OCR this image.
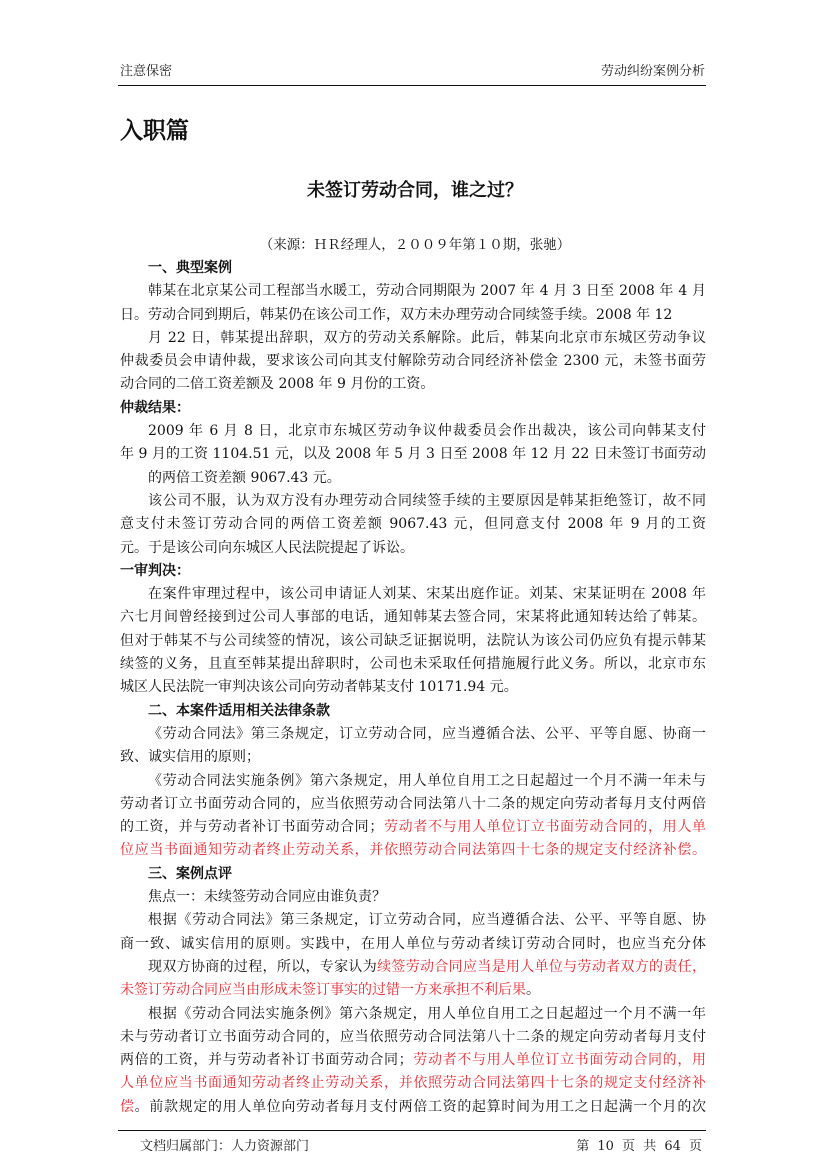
注意保密	劳动纠纷案例分析
入职篇
未签订劳动合同，谁之过？
（来源：ＨＲ经理人，２００９年第１０期，张驰）
一、典型案例
韩某在北京某公司工程部当水暖工，劳动合同期限为 2007 年 4 月 3 日至 2008 年 4 月
日。劳动合同到期后，韩某仍在该公司工作，双方未办理劳动合同续签手续。2008 年 12
月 22 日，韩某提出辞职，双方的劳动关系解除。此后，韩某向北京市东城区劳动争议
仲裁委员会申请仲裁，要求该公司向其支付解除劳动合同经济补偿金 2300 元，未签书面劳
动合同的二倍工资差额及 2008 年 9 月份的工资。
仲裁结果：
2009 年 6 月 8 日，北京市东城区劳动争议仲裁委员会作出裁决，该公司向韩某支付
年 9 月的工资 1104.51 元，以及 2008 年 5 月 3 日至 2008 年 12 月 22 日未签订书面劳动
的两倍工资差额 9067.43 元。
该公司不服，认为双方没有办理劳动合同续签手续的主要原因是韩某拒绝签订，故不同
意支付未签订劳动合同的两倍工资差额 9067.43 元，但同意支付 2008 年 9 月的工资
元。于是该公司向东城区人民法院提起了诉讼。
一审判决：
在案件审理过程中，该公司申请证人刘某、宋某出庭作证。刘某、宋某证明在 2008 年
六七月间曾经接到过公司人事部的电话，通知韩某去签合同，宋某将此通知转达给了韩某。
但对于韩某不与公司续签的情况，该公司缺乏证据说明，法院认为该公司仍应负有提示韩某
续签的义务，且直至韩某提出辞职时，公司也未采取任何措施履行此义务。所以，北京市东
城区人民法院一审判决该公司向劳动者韩某支付 10171.94 元。
二、本案件适用相关法律条款
《劳动合同法》第三条规定，订立劳动合同，应当遵循合法、公平、平等自愿、协商一
致、诚实信用的原则；
《劳动合同法实施条例》第六条规定，用人单位自用工之日起超过一个月不满一年未与
劳动者订立书面劳动合同的，应当依照劳动合同法第八十二条的规定向劳动者每月支付两倍
的工资，并与劳动者补订书面劳动合同；劳动者不与用人单位订立书面劳动合同的，用人单
位应当书面通知劳动者终止劳动关系，并依照劳动合同法第四十七条的规定支付经济补偿。
三、案例点评
焦点一：未续签劳动合同应由谁负责？
根据《劳动合同法》第三条规定，订立劳动合同，应当遵循合法、公平、平等自愿、协
商一致、诚实信用的原则。实践中，在用人单位与劳动者续订劳动合同时，也应当充分体
现双方协商的过程，所以，专家认为续签劳动合同应当是用人单位与劳动者双方的责任，
未签订劳动合同应当由形成未签订事实的过错一方来承担不利后果。
根据《劳动合同法实施条例》第六条规定，用人单位自用工之日起超过一个月不满一年
未与劳动者订立书面劳动合同的，应当依照劳动合同法第八十二条的规定向劳动者每月支付
两倍的工资，并与劳动者补订书面劳动合同；劳动者不与用人单位订立书面劳动合同的，用
人单位应当书面通知劳动者终止劳动关系，并依照劳动合同法第四十七条的规定支付经济补
偿。前款规定的用人单位向劳动者每月支付两倍工资的起算时间为用工之日起满一个月的次
文档归属部门：人力资源部门	第 10 页 共 64 页
